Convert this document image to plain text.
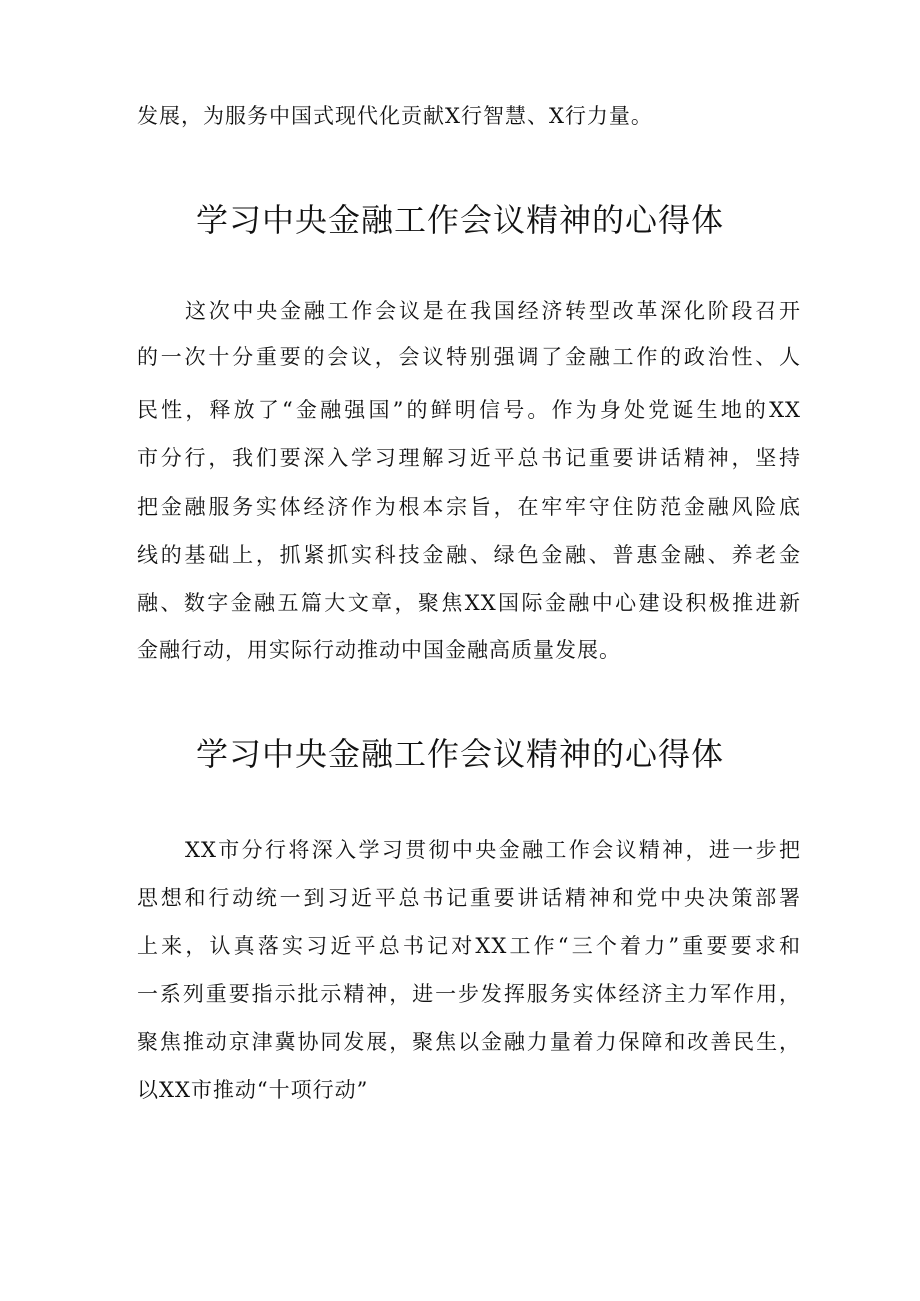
发展，为服务中国式现代化贡献X行智慧、X行力量。
学习中央金融工作会议精神的心得体
这次中央金融工作会议是在我国经济转型改革深化阶段召开
的一次十分重要的会议，会议特别强调了金融工作的政治性、人
民性，释放了“金融强国”的鲜明信号。作为身处党诞生地的XX
市分行，我们要深入学习理解习近平总书记重要讲话精神，坚持
把金融服务实体经济作为根本宗旨，在牢牢守住防范金融风险底
线的基础上，抓紧抓实科技金融、绿色金融、普惠金融、养老金
融、数字金融五篇大文章，聚焦XX国际金融中心建设积极推进新
金融行动，用实际行动推动中国金融高质量发展。
学习中央金融工作会议精神的心得体
XX市分行将深入学习贯彻中央金融工作会议精神，进一步把
思想和行动统一到习近平总书记重要讲话精神和党中央决策部署
上来，认真落实习近平总书记对XX工作“三个着力”重要要求和
一系列重要指示批示精神，进一步发挥服务实体经济主力军作用，
聚焦推动京津冀协同发展，聚焦以金融力量着力保障和改善民生，
以XX市推动“十项行动”
